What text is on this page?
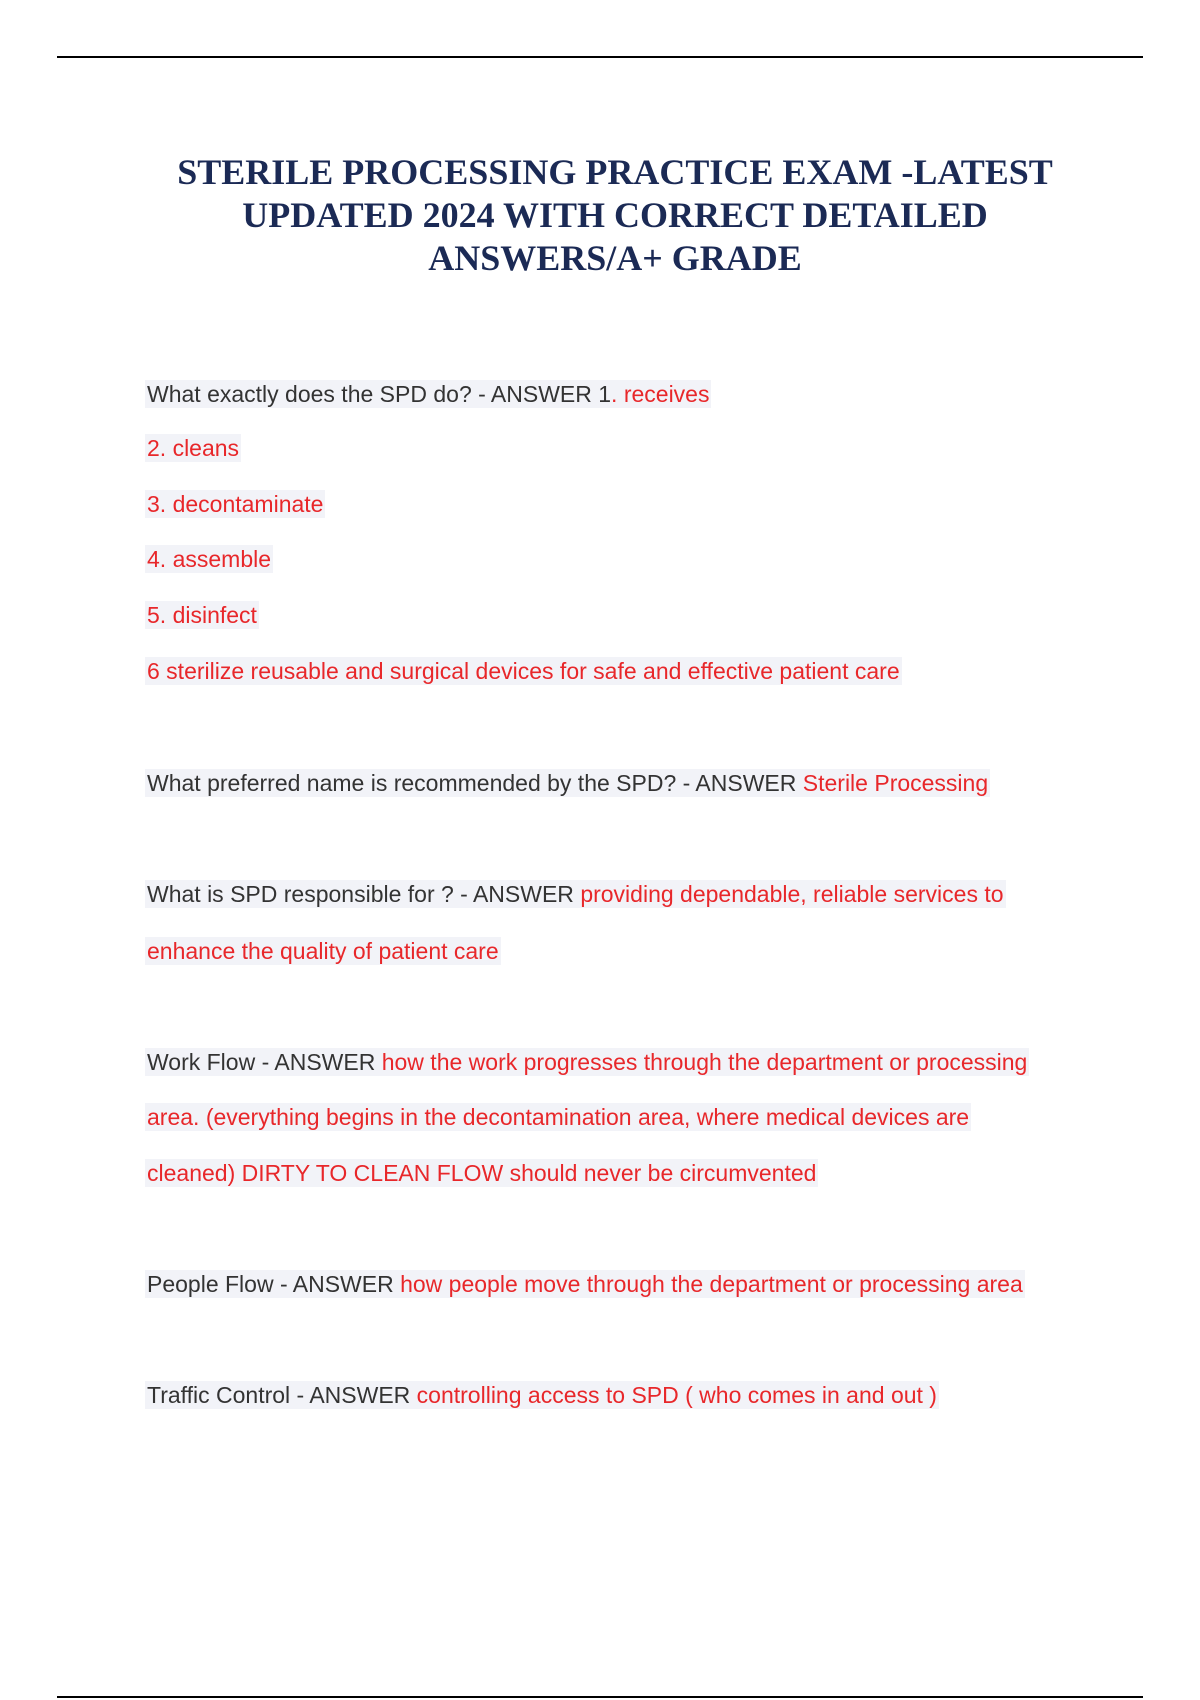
STERILE PROCESSING PRACTICE EXAM -LATEST
UPDATED 2024 WITH CORRECT DETAILED
ANSWERS/A+ GRADE
What exactly does the SPD do? - ANSWER 1. receives
2. cleans
3. decontaminate
4. assemble
5. disinfect
6 sterilize reusable and surgical devices for safe and effective patient care
What preferred name is recommended by the SPD? - ANSWER Sterile Processing
What is SPD responsible for ? - ANSWER providing dependable, reliable services to
enhance the quality of patient care
Work Flow - ANSWER how the work progresses through the department or processing
area. (everything begins in the decontamination area, where medical devices are
cleaned) DIRTY TO CLEAN FLOW should never be circumvented
People Flow - ANSWER how people move through the department or processing area
Traffic Control - ANSWER controlling access to SPD ( who comes in and out )
